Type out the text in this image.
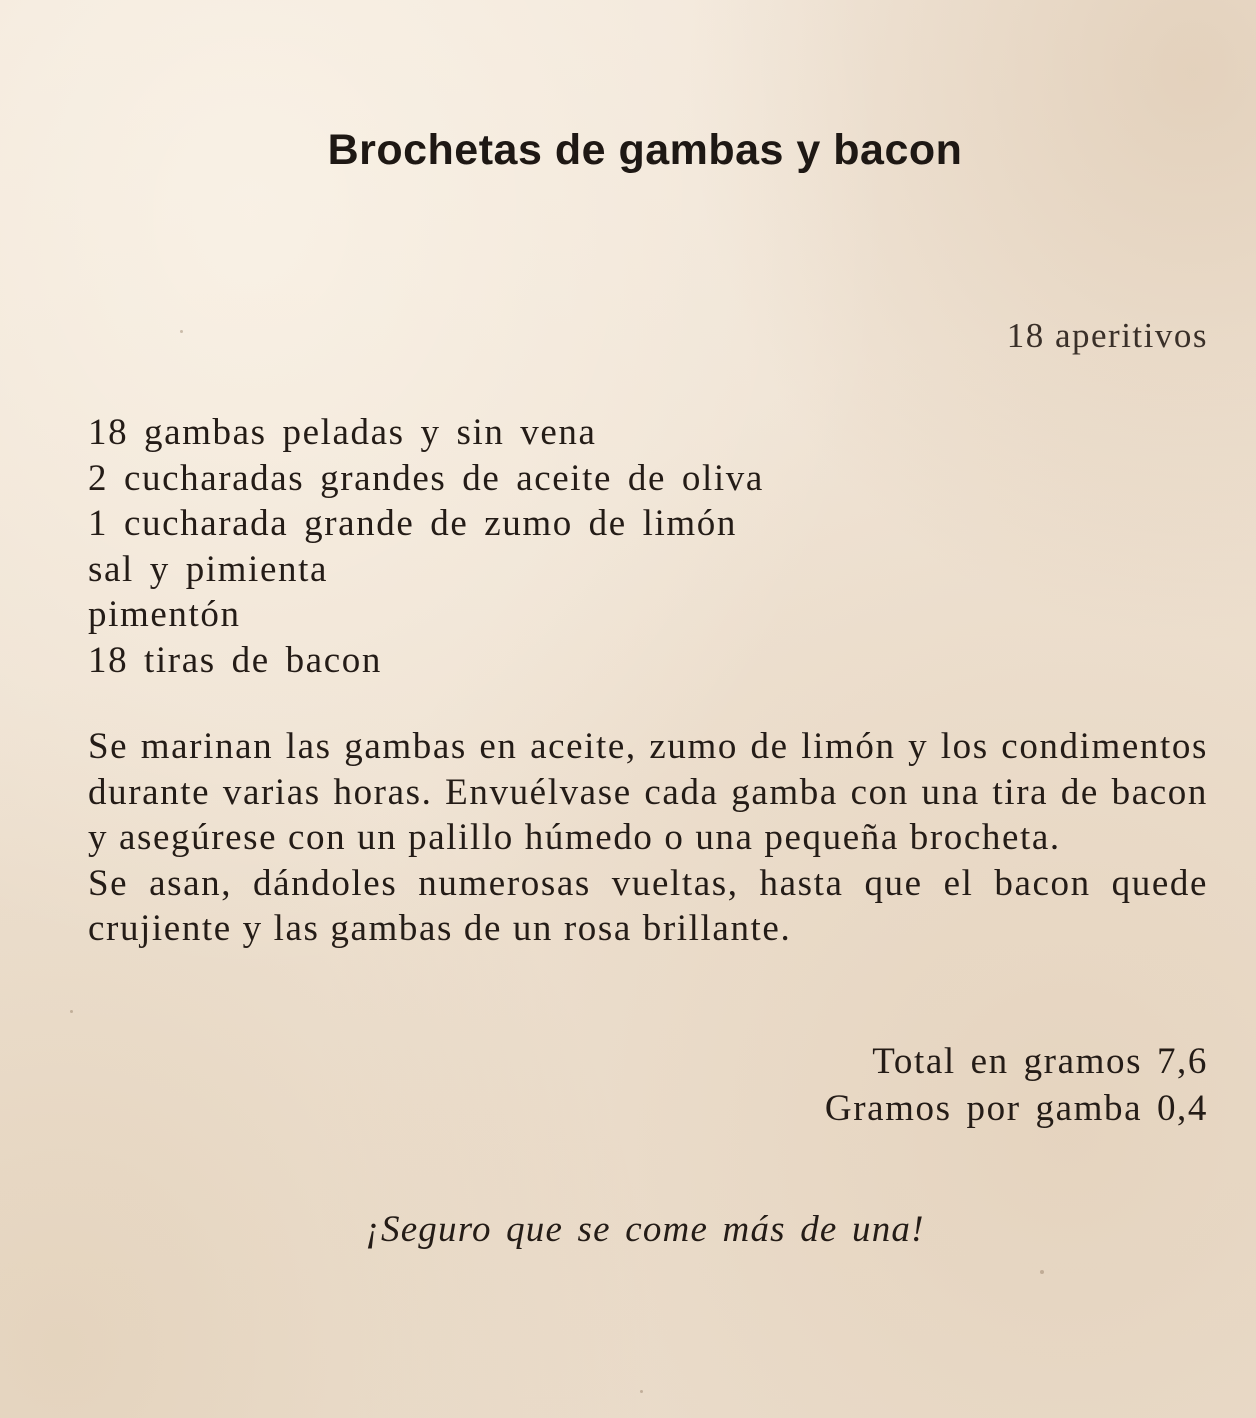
Brochetas de gambas y bacon
18 aperitivos
18 gambas peladas y sin vena
2 cucharadas grandes de aceite de oliva
1 cucharada grande de zumo de limón
sal y pimienta
pimentón
18 tiras de bacon

Se marinan las gambas en aceite, zumo de limón y los condimentos durante varias horas. Envuélvase cada gamba con una tira de bacon y asegúrese con un palillo húmedo o una pequeña brocheta.

Se asan, dándoles numerosas vueltas, hasta que el bacon quede crujiente y las gambas de un rosa brillante.

Total en gramos 7,6
Gramos por gamba 0,4
¡Seguro que se come más de una!
